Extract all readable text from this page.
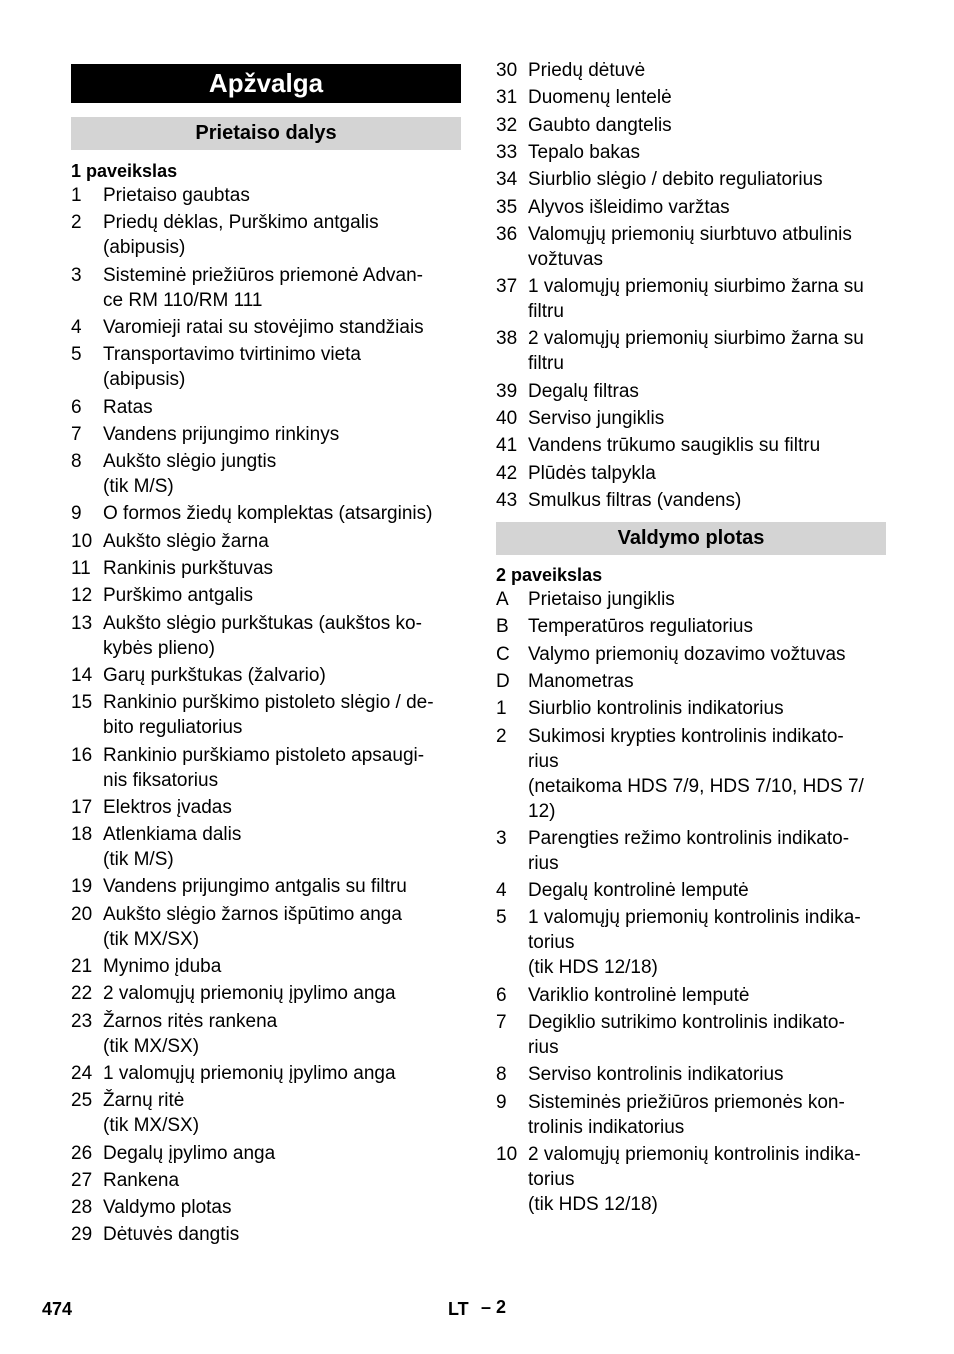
Apžvalga
Prietaiso dalys
1 paveikslas
1 Prietaiso gaubtas
2 Priedų dėklas, Purškimo antgalis
(abipusis)
3 Sisteminė priežiūros priemonė Advan-
ce RM 110/RM 111
4 Varomieji ratai su stovėjimo standžiais
5 Transportavimo tvirtinimo vieta
(abipusis)
6 Ratas
7 Vandens prijungimo rinkinys
8 Aukšto slėgio jungtis
(tik M/S)
9 O formos žiedų komplektas (atsarginis)
10 Aukšto slėgio žarna
11 Rankinis purkštuvas
12 Purškimo antgalis
13 Aukšto slėgio purkštukas (aukštos ko-
kybės plieno)
14 Garų purkštukas (žalvario)
15 Rankinio purškimo pistoleto slėgio / de-
bito reguliatorius
16 Rankinio purškiamo pistoleto apsaugi-
nis fiksatorius
17 Elektros įvadas
18 Atlenkiama dalis
(tik M/S)
19 Vandens prijungimo antgalis su filtru
20 Aukšto slėgio žarnos išpūtimo anga
(tik MX/SX)
21 Mynimo įduba
22 2 valomųjų priemonių įpylimo anga
23 Žarnos ritės rankena
(tik MX/SX)
24 1 valomųjų priemonių įpylimo anga
25 Žarnų ritė
(tik MX/SX)
26 Degalų įpylimo anga
27 Rankena
28 Valdymo plotas
29 Dėtuvės dangtis
30 Priedų dėtuvė
31 Duomenų lentelė
32 Gaubto dangtelis
33 Tepalo bakas
34 Siurblio slėgio / debito reguliatorius
35 Alyvos išleidimo varžtas
36 Valomųjų priemonių siurbtuvo atbulinis
vožtuvas
37 1 valomųjų priemonių siurbimo žarna su
filtru
38 2 valomųjų priemonių siurbimo žarna su
filtru
39 Degalų filtras
40 Serviso jungiklis
41 Vandens trūkumo saugiklis su filtru
42 Plūdės talpykla
43 Smulkus filtras (vandens)
Valdymo plotas
2 paveikslas
A Prietaiso jungiklis
B Temperatūros reguliatorius
C Valymo priemonių dozavimo vožtuvas
D Manometras
1 Siurblio kontrolinis indikatorius
2 Sukimosi krypties kontrolinis indikato-
rius
(netaikoma HDS 7/9, HDS 7/10, HDS 7/
12)
3 Parengties režimo kontrolinis indikato-
rius
4 Degalų kontrolinė lemputė
5 1 valomųjų priemonių kontrolinis indika-
torius
(tik HDS 12/18)
6 Variklio kontrolinė lemputė
7 Degiklio sutrikimo kontrolinis indikato-
rius
8 Serviso kontrolinis indikatorius
9 Sisteminės priežiūros priemonės kon-
trolinis indikatorius
10 2 valomųjų priemonių kontrolinis indika-
torius
(tik HDS 12/18)
474	LT – 2
